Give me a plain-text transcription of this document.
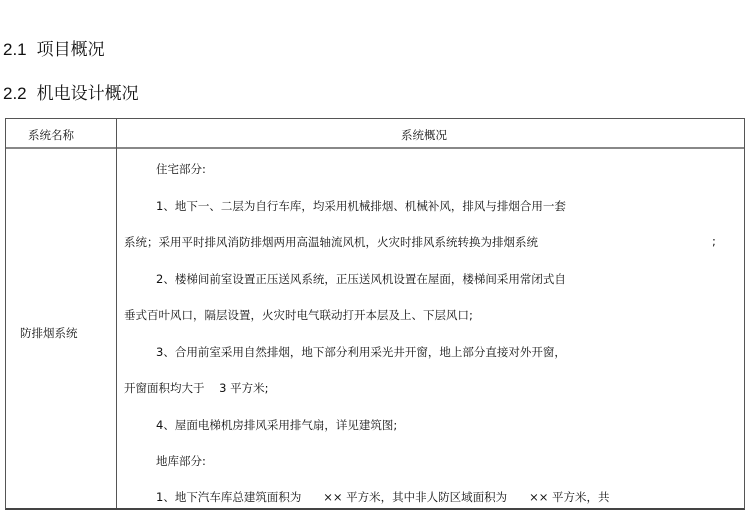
2.1 项目概况
2.2 机电设计概况
系统名称	系统概况
防排烟系统
住宅部分:
1、地下一、二层为自行车库，均采用机械排烟、机械补风，排风与排烟合用一套
系统；采用平时排风消防排烟两用高温轴流风机，火灾时排风系统转换为排烟系统	;
2、楼梯间前室设置正压送风系统，正压送风机设置在屋面，楼梯间采用常闭式自
垂式百叶风口，隔层设置，火灾时电气联动打开本层及上、下层风口;
3、合用前室采用自然排烟，地下部分利用采光井开窗，地上部分直接对外开窗，
开窗面积均大于    3 平方米;
4、屋面电梯机房排风采用排气扇，详见建筑图;
地库部分:
1、地下汽车库总建筑面积为      ×× 平方米，其中非人防区域面积为      ×× 平方米，共
